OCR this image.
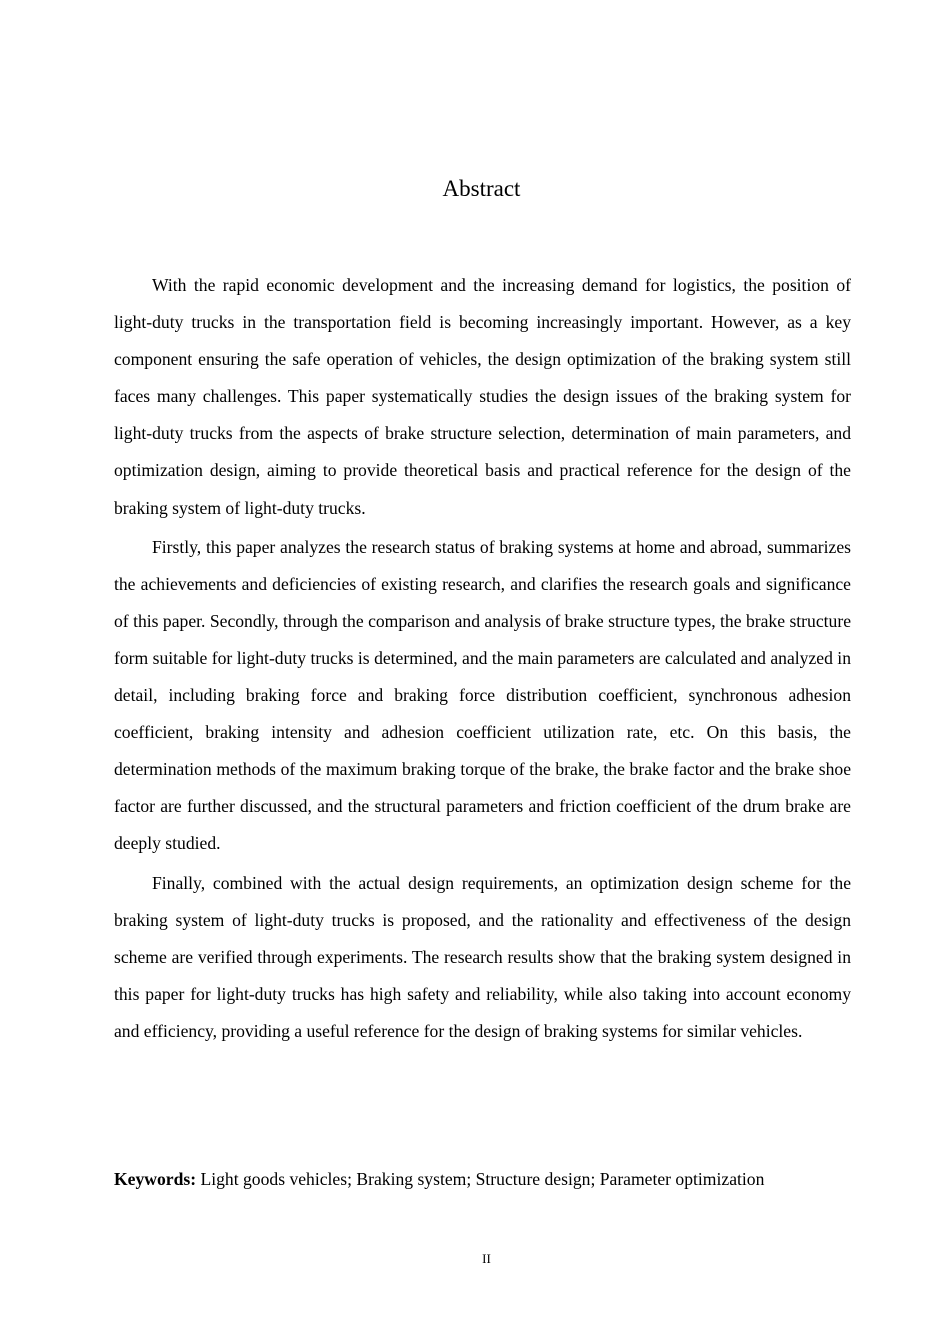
Abstract

With the rapid economic development and the increasing demand for logistics, the position of light-duty trucks in the transportation field is becoming increasingly important. However, as a key component ensuring the safe operation of vehicles, the design optimization of the braking system still faces many challenges. This paper systematically studies the design issues of the braking system for light-duty trucks from the aspects of brake structure selection, determination of main parameters, and optimization design, aiming to provide theoretical basis and practical reference for the design of the braking system of light-duty trucks.

Firstly, this paper analyzes the research status of braking systems at home and abroad, summarizes the achievements and deficiencies of existing research, and clarifies the research goals and significance of this paper. Secondly, through the comparison and analysis of brake structure types, the brake structure form suitable for light-duty trucks is determined, and the main parameters are calculated and analyzed in detail, including braking force and braking force distribution coefficient, synchronous adhesion coefficient, braking intensity and adhesion coefficient utilization rate, etc. On this basis, the determination methods of the maximum braking torque of the brake, the brake factor and the brake shoe factor are further discussed, and the structural parameters and friction coefficient of the drum brake are deeply studied.

Finally, combined with the actual design requirements, an optimization design scheme for the braking system of light-duty trucks is proposed, and the rationality and effectiveness of the design scheme are verified through experiments. The research results show that the braking system designed in this paper for light-duty trucks has high safety and reliability, while also taking into account economy and efficiency, providing a useful reference for the design of braking systems for similar vehicles.

Keywords: Light goods vehicles; Braking system; Structure design; Parameter optimization

II
